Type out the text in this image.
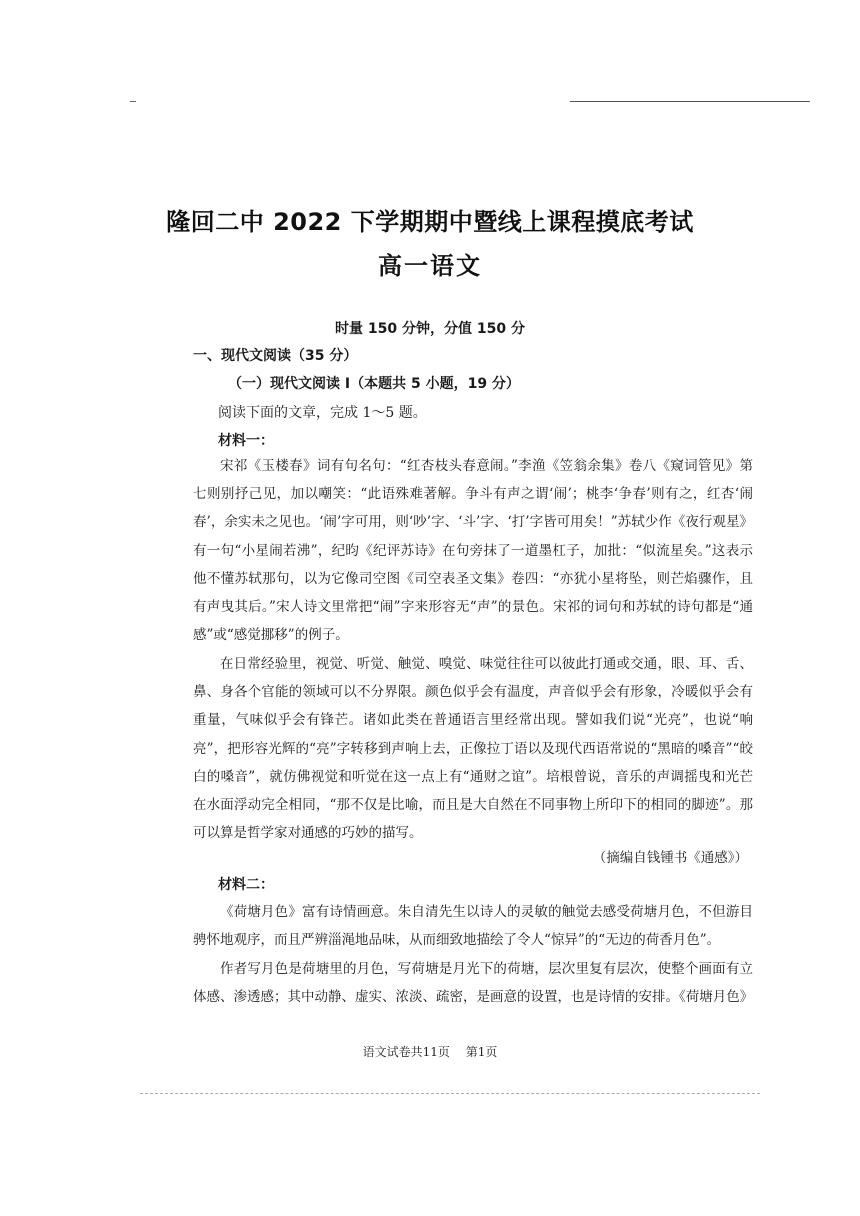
隆回二中 2022 下学期期中暨线上课程摸底考试
高一语文
时量 150 分钟，分值 150 分
一、现代文阅读（35 分）
（一）现代文阅读 I（本题共 5 小题，19 分）
阅读下面的文章，完成 1～5 题。
材料一：
宋祁《玉楼春》词有句名句：“红杏枝头春意闹。”李渔《笠翁余集》卷八《窥词管见》第七则别抒己见，加以嘲笑：“此语殊难著解。争斗有声之谓‘闹’；桃李‘争春’则有之，红杏‘闹春’，余实未之见也。‘闹’字可用，则‘吵’字、‘斗’字、‘打’字皆可用矣！”苏轼少作《夜行观星》有一句“小星闹若沸”，纪昀《纪评苏诗》在句旁抹了一道墨杠子，加批：“似流星矣。”这表示他不懂苏轼那句，以为它像司空图《司空表圣文集》卷四：“亦犹小星将坠，则芒焰骤作，且有声曳其后。”宋人诗文里常把“闹”字来形容无“声”的景色。宋祁的词句和苏轼的诗句都是“通感”或“感觉挪移”的例子。
在日常经验里，视觉、听觉、触觉、嗅觉、味觉往往可以彼此打通或交通，眼、耳、舌、鼻、身各个官能的领域可以不分界限。颜色似乎会有温度，声音似乎会有形象，冷暖似乎会有重量，气味似乎会有锋芒。诸如此类在普通语言里经常出现。譬如我们说“光亮”，也说“响亮”，把形容光辉的“亮”字转移到声响上去，正像拉丁语以及现代西语常说的“黑暗的嗓音”“皎白的嗓音”，就仿佛视觉和听觉在这一点上有“通财之谊”。培根曾说，音乐的声调摇曳和光芒在水面浮动完全相同，“那不仅是比喻，而且是大自然在不同事物上所印下的相同的脚迹”。那可以算是哲学家对通感的巧妙的描写。
（摘编自钱锺书《通感》）
材料二：
《荷塘月色》富有诗情画意。朱自清先生以诗人的灵敏的触觉去感受荷塘月色，不但游目骋怀地观序，而且严辨淄渑地品味，从而细致地描绘了令人“惊异”的“无边的荷香月色”。
作者写月色是荷塘里的月色，写荷塘是月光下的荷塘，层次里复有层次，使整个画面有立体感、渗透感；其中动静、虚实、浓淡、疏密，是画意的设置，也是诗情的安排。《荷塘月色》
语文试卷共11页 第1页
